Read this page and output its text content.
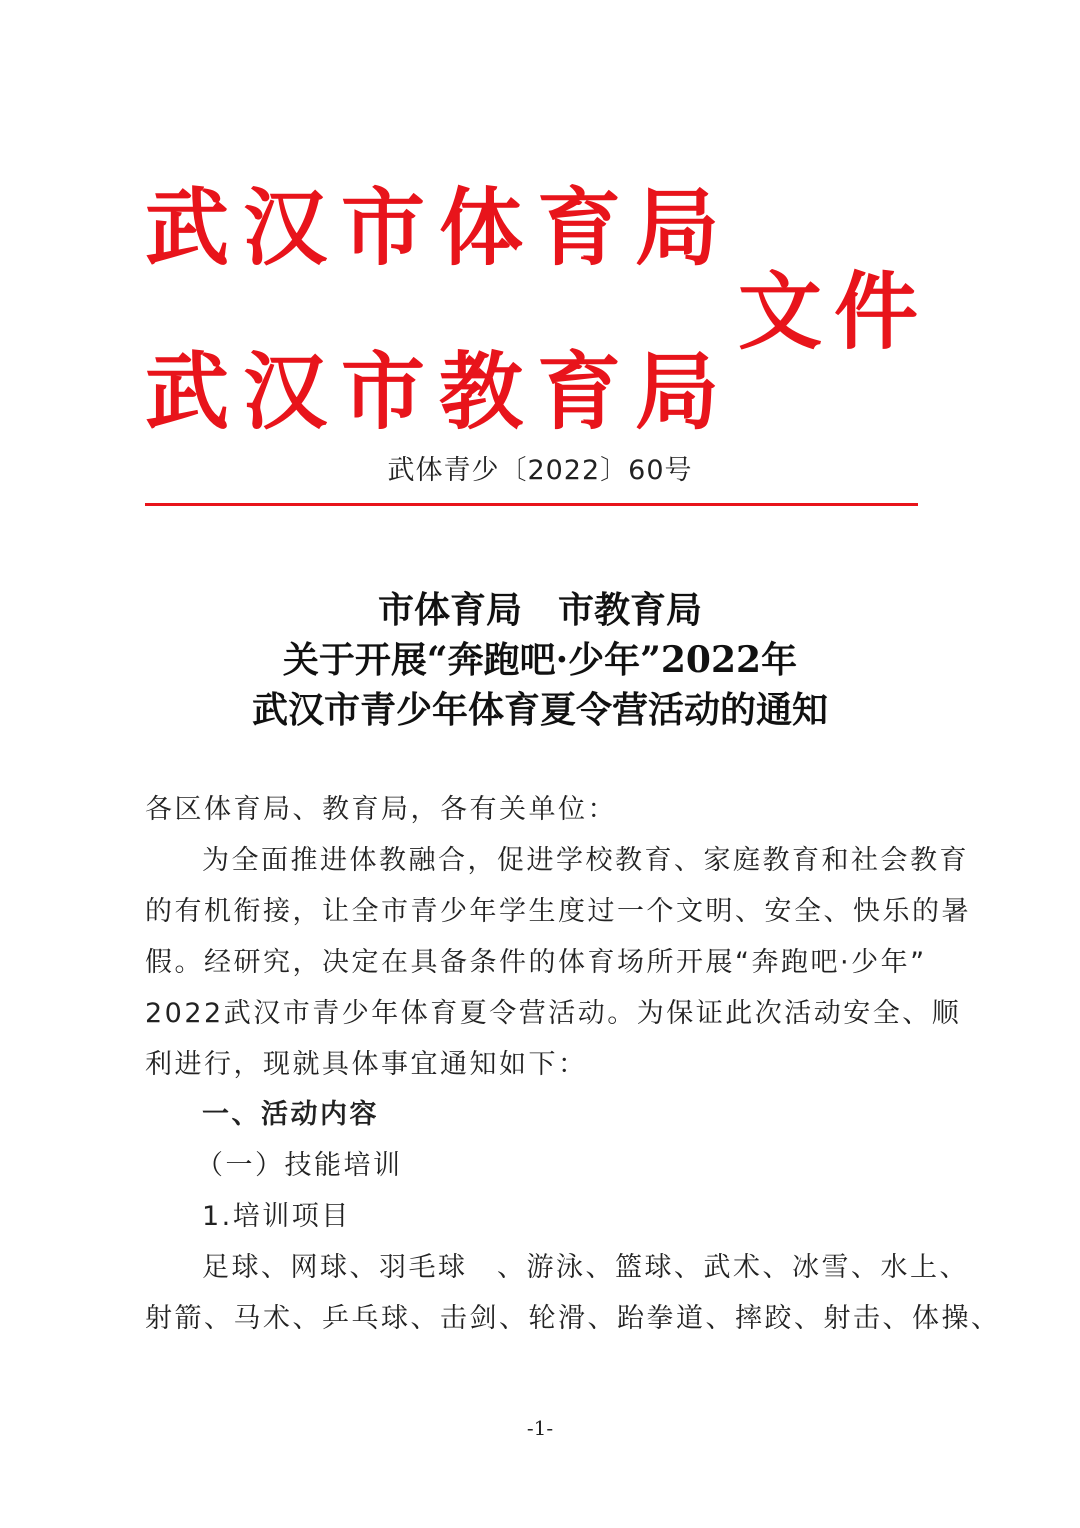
武汉市体育局
武汉市教育局
文件
武体青少〔2022〕60号
市体育局　市教育局
关于开展“奔跑吧·少年”2022年
武汉市青少年体育夏令营活动的通知
各区体育局、教育局，各有关单位：
为全面推进体教融合，促进学校教育、家庭教育和社会教育
的有机衔接，让全市青少年学生度过一个文明、安全、快乐的暑
假。经研究，决定在具备条件的体育场所开展“奔跑吧·少年”
2022武汉市青少年体育夏令营活动。为保证此次活动安全、顺
利进行，现就具体事宜通知如下：
一、活动内容
（一）技能培训
1.培训项目
足球、网球、羽毛球　、游泳、篮球、武术、冰雪、水上、
射箭、马术、乒乓球、击剑、轮滑、跆拳道、摔跤、射击、体操、
-1-
